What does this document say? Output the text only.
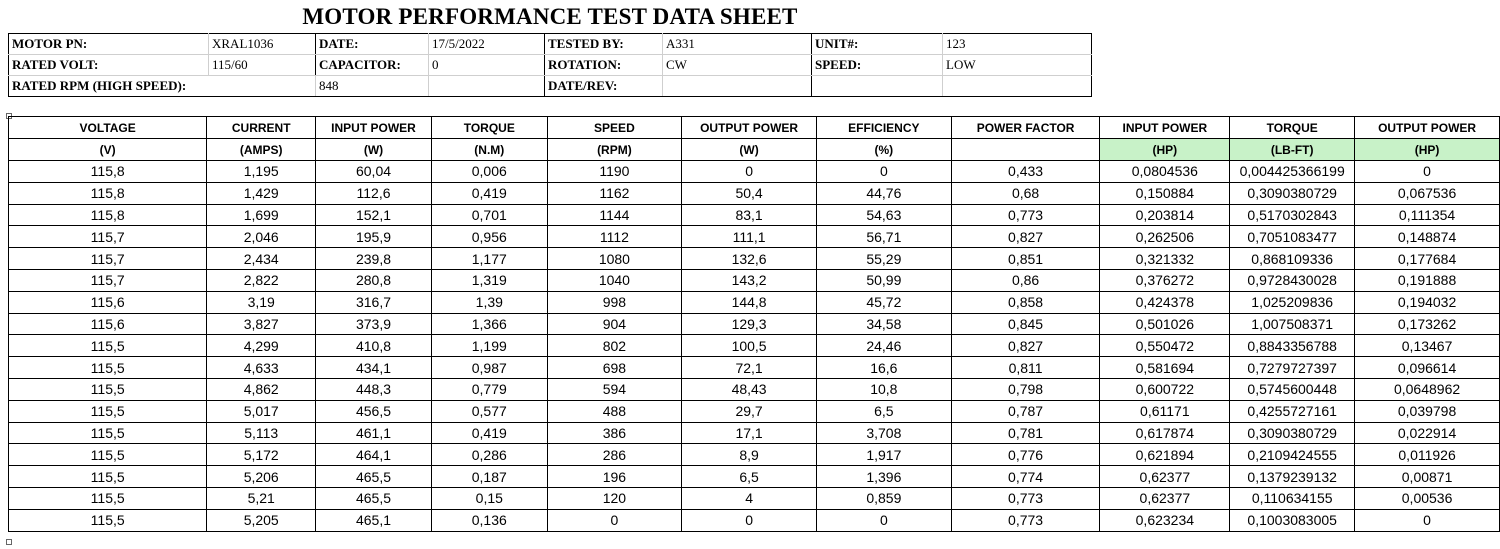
MOTOR PERFORMANCE TEST DATA SHEET
MOTOR PN:	XRAL1036	DATE:	17/5/2022	TESTED BY:	A331	UNIT#:	123
RATED VOLT:	115/60	CAPACITOR:	0	ROTATION:	CW	SPEED:	LOW
RATED RPM (HIGH SPEED):		848		DATE/REV:			
VOLTAGE	CURRENT	INPUT POWER	TORQUE	SPEED	OUTPUT POWER	EFFICIENCY	POWER FACTOR	INPUT POWER	TORQUE	OUTPUT POWER
(V)	(AMPS)	(W)	(N.M)	(RPM)	(W)	(%)		(HP)	(LB-FT)	(HP)
115,8	1,195	60,04	0,006	1190	0	0	0,433	0,0804536	0,004425366199	0
115,8	1,429	112,6	0,419	1162	50,4	44,76	0,68	0,150884	0,3090380729	0,067536
115,8	1,699	152,1	0,701	1144	83,1	54,63	0,773	0,203814	0,5170302843	0,111354
115,7	2,046	195,9	0,956	1112	111,1	56,71	0,827	0,262506	0,7051083477	0,148874
115,7	2,434	239,8	1,177	1080	132,6	55,29	0,851	0,321332	0,868109336	0,177684
115,7	2,822	280,8	1,319	1040	143,2	50,99	0,86	0,376272	0,9728430028	0,191888
115,6	3,19	316,7	1,39	998	144,8	45,72	0,858	0,424378	1,025209836	0,194032
115,6	3,827	373,9	1,366	904	129,3	34,58	0,845	0,501026	1,007508371	0,173262
115,5	4,299	410,8	1,199	802	100,5	24,46	0,827	0,550472	0,8843356788	0,13467
115,5	4,633	434,1	0,987	698	72,1	16,6	0,811	0,581694	0,7279727397	0,096614
115,5	4,862	448,3	0,779	594	48,43	10,8	0,798	0,600722	0,5745600448	0,0648962
115,5	5,017	456,5	0,577	488	29,7	6,5	0,787	0,61171	0,4255727161	0,039798
115,5	5,113	461,1	0,419	386	17,1	3,708	0,781	0,617874	0,3090380729	0,022914
115,5	5,172	464,1	0,286	286	8,9	1,917	0,776	0,621894	0,2109424555	0,011926
115,5	5,206	465,5	0,187	196	6,5	1,396	0,774	0,62377	0,1379239132	0,00871
115,5	5,21	465,5	0,15	120	4	0,859	0,773	0,62377	0,110634155	0,00536
115,5	5,205	465,1	0,136	0	0	0	0,773	0,623234	0,1003083005	0
